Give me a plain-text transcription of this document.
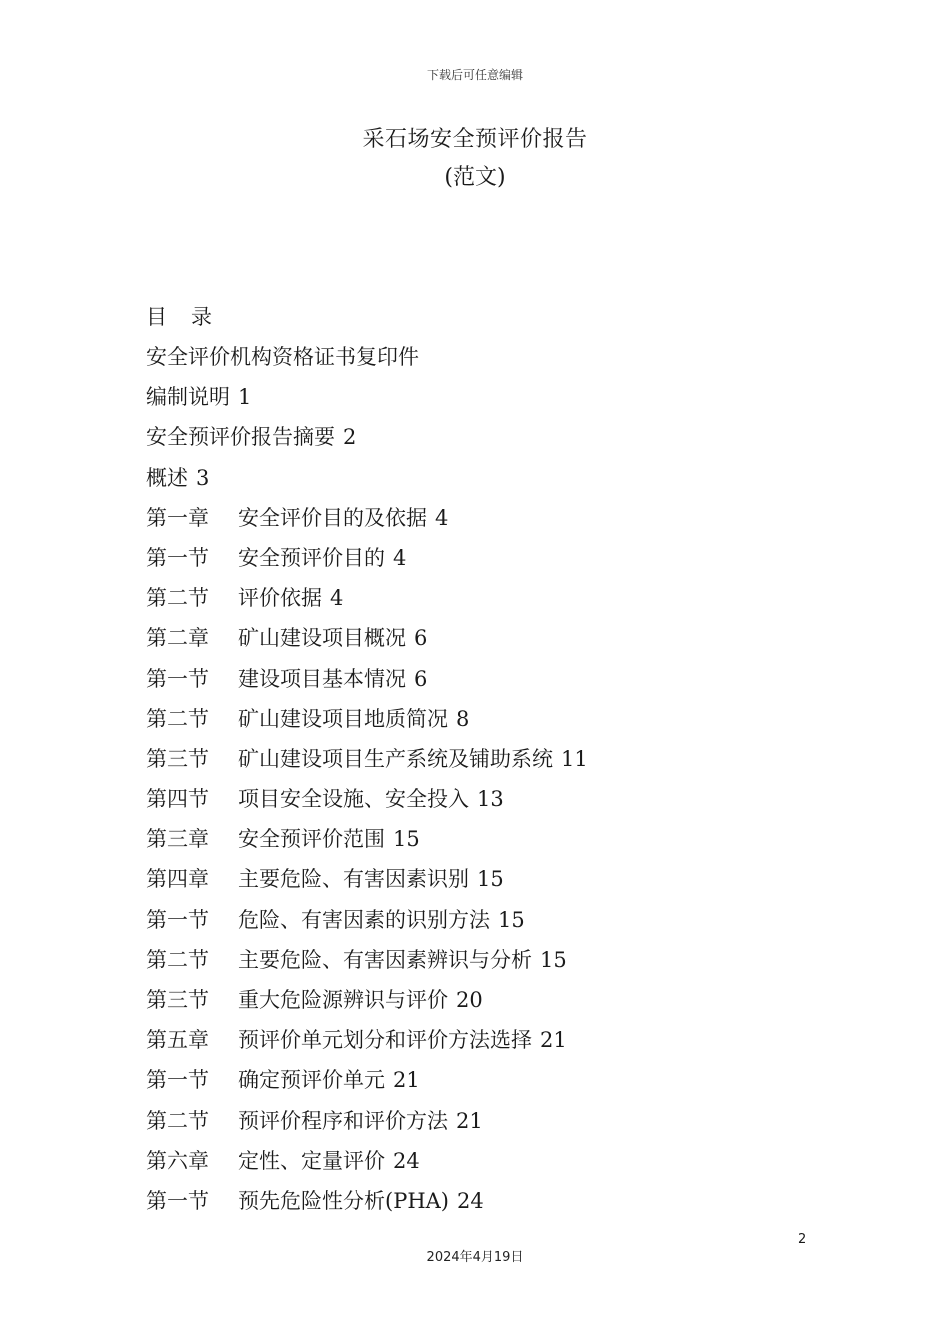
下载后可任意编辑
采石场安全预评价报告
(范文)
目 录
安全评价机构资格证书复印件
编制说明 1
安全预评价报告摘要 2
概述 3
第一章 安全评价目的及依据 4
第一节 安全预评价目的 4
第二节 评价依据 4
第二章 矿山建设项目概况 6
第一节 建设项目基本情况 6
第二节 矿山建设项目地质简况 8
第三节 矿山建设项目生产系统及铺助系统 11
第四节 项目安全设施、安全投入 13
第三章 安全预评价范围 15
第四章 主要危险、有害因素识别 15
第一节 危险、有害因素的识别方法 15
第二节 主要危险、有害因素辨识与分析 15
第三节 重大危险源辨识与评价 20
第五章 预评价单元划分和评价方法选择 21
第一节 确定预评价单元 21
第二节 预评价程序和评价方法 21
第六章 定性、定量评价 24
第一节 预先危险性分析(PHA) 24
2
2024年4月19日
